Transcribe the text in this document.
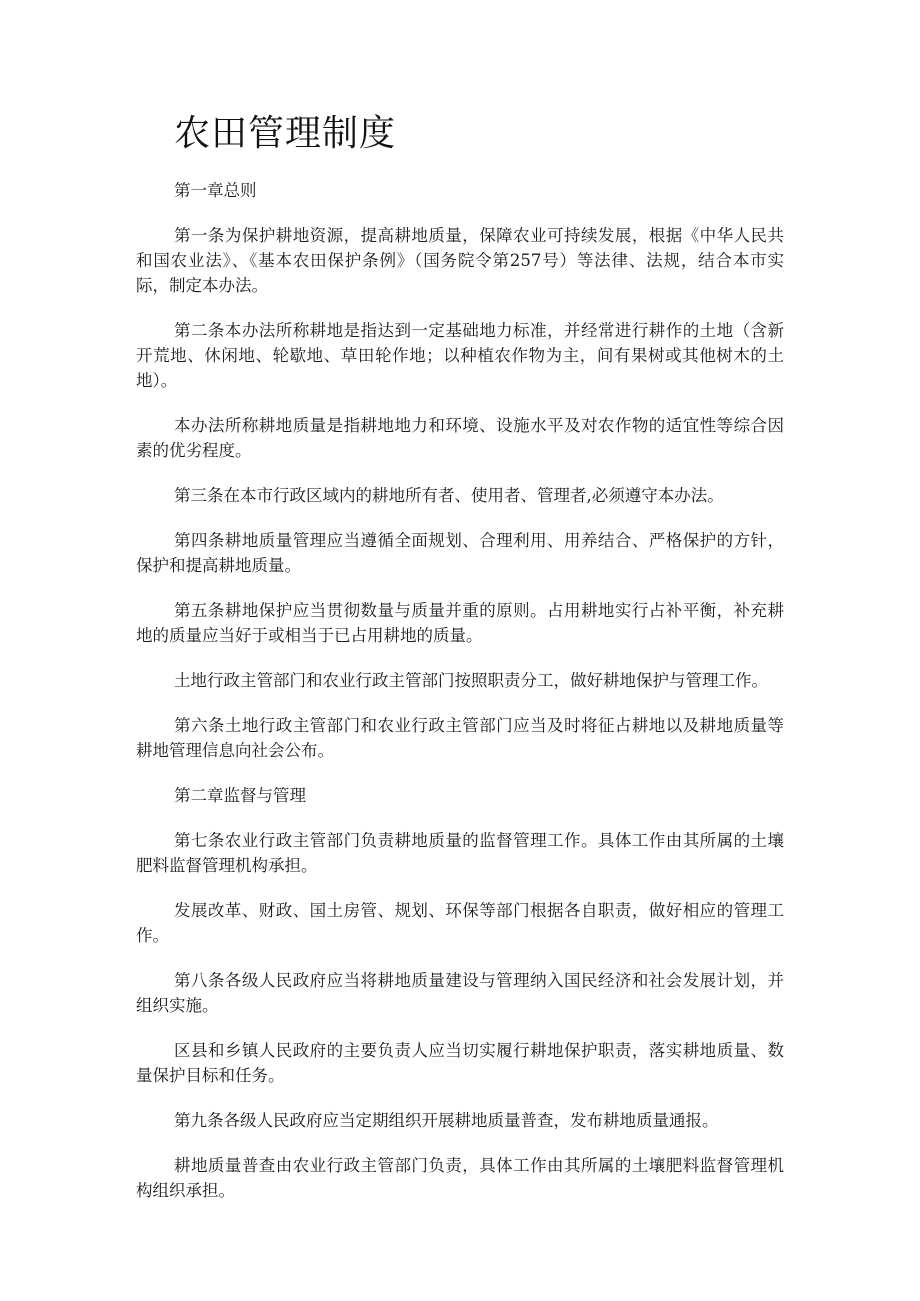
农田管理制度

第一章总则

第一条为保护耕地资源，提高耕地质量，保障农业可持续发展，根据《中华人民共和国农业法》、《基本农田保护条例》（国务院令第257号）等法律、法规，结合本市实际，制定本办法。

第二条本办法所称耕地是指达到一定基础地力标准，并经常进行耕作的土地（含新开荒地、休闲地、轮歇地、草田轮作地；以种植农作物为主，间有果树或其他树木的土地）。

本办法所称耕地质量是指耕地地力和环境、设施水平及对农作物的适宜性等综合因素的优劣程度。

第三条在本市行政区域内的耕地所有者、使用者、管理者,必须遵守本办法。

第四条耕地质量管理应当遵循全面规划、合理利用、用养结合、严格保护的方针，保护和提高耕地质量。

第五条耕地保护应当贯彻数量与质量并重的原则。占用耕地实行占补平衡，补充耕地的质量应当好于或相当于已占用耕地的质量。

土地行政主管部门和农业行政主管部门按照职责分工，做好耕地保护与管理工作。

第六条土地行政主管部门和农业行政主管部门应当及时将征占耕地以及耕地质量等耕地管理信息向社会公布。

第二章监督与管理

第七条农业行政主管部门负责耕地质量的监督管理工作。具体工作由其所属的土壤肥料监督管理机构承担。

发展改革、财政、国土房管、规划、环保等部门根据各自职责，做好相应的管理工作。

第八条各级人民政府应当将耕地质量建设与管理纳入国民经济和社会发展计划，并组织实施。

区县和乡镇人民政府的主要负责人应当切实履行耕地保护职责，落实耕地质量、数量保护目标和任务。

第九条各级人民政府应当定期组织开展耕地质量普查，发布耕地质量通报。

耕地质量普查由农业行政主管部门负责，具体工作由其所属的土壤肥料监督管理机构组织承担。
